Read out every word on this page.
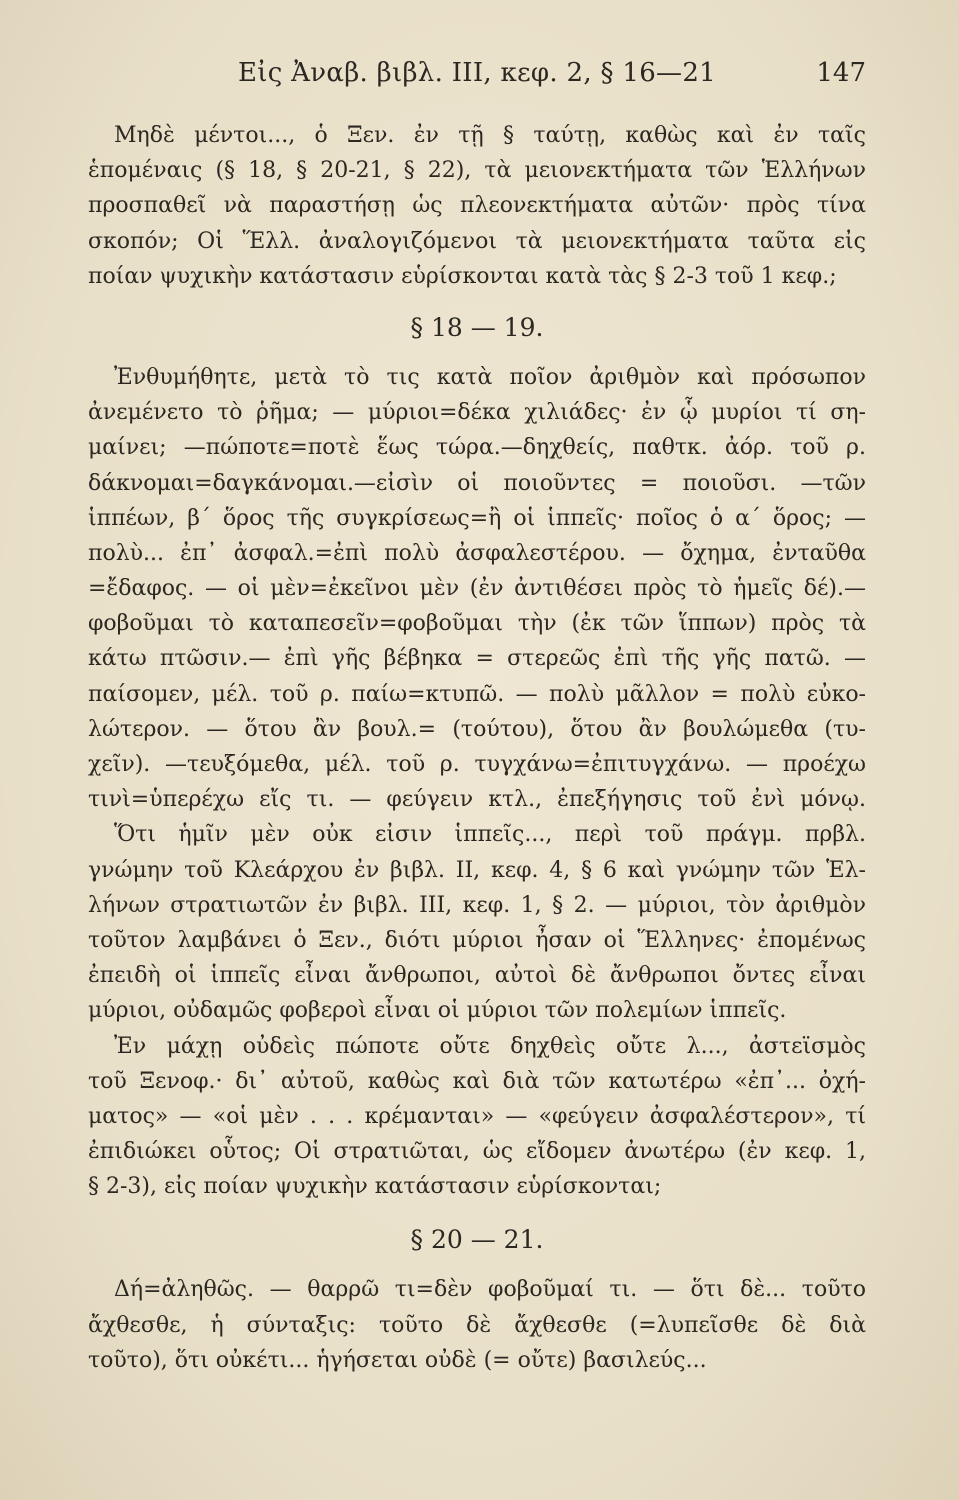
Εἰς Ἀναβ. βιβλ. ΙΙΙ, κεφ. 2, § 16—21	147
Μηδὲ μέντοι..., ὁ Ξεν. ἐν τῇ § ταύτῃ, καθὼς καὶ ἐν ταῖς
ἑπομέναις (§ 18, § 20-21, § 22), τὰ μειονεκτήματα τῶν Ἑλλήνων
προσπαθεῖ νὰ παραστήσῃ ὡς πλεονεκτήματα αὐτῶν· πρὸς τίνα
σκοπόν; Οἱ Ἕλλ. ἀναλογιζόμενοι τὰ μειονεκτήματα ταῦτα εἰς
ποίαν ψυχικὴν κατάστασιν εὑρίσκονται κατὰ τὰς § 2-3 τοῦ 1 κεφ.;
§ 18 — 19.
Ἐνθυμήθητε, μετὰ τὸ τις κατὰ ποῖον ἀριθμὸν καὶ πρόσωπον
ἀνεμένετο τὸ ῥῆμα; — μύριοι=δέκα χιλιάδες· ἐν ᾧ μυρίοι τί ση-
μαίνει; —πώποτε=ποτὲ ἕως τώρα.—δηχθείς, παθτκ. ἀόρ. τοῦ ρ.
δάκνομαι=δαγκάνομαι.—εἰσὶν οἱ ποιοῦντες = ποιοῦσι. —τῶν
ἱππέων, β΄ ὅρος τῆς συγκρίσεως=ἢ οἱ ἱππεῖς· ποῖος ὁ α΄ ὅρος; —
πολὺ... ἐπ᾽ ἀσφαλ.=ἐπὶ πολὺ ἀσφαλεστέρου. — ὄχημα, ἐνταῦθα
=ἔδαφος. — οἱ μὲν=ἐκεῖνοι μὲν (ἐν ἀντιθέσει πρὸς τὸ ἡμεῖς δέ).—
φοβοῦμαι τὸ καταπεσεῖν=φοβοῦμαι τὴν (ἐκ τῶν ἵππων) πρὸς τὰ
κάτω πτῶσιν.— ἐπὶ γῆς βέβηκα = στερεῶς ἐπὶ τῆς γῆς πατῶ. —
παίσομεν, μέλ. τοῦ ρ. παίω=κτυπῶ. — πολὺ μᾶλλον = πολὺ εὐκο-
λώτερον. — ὅτου ἂν βουλ.= (τούτου), ὅτου ἂν βουλώμεθα (τυ-
χεῖν). —τευξόμεθα, μέλ. τοῦ ρ. τυγχάνω=ἐπιτυγχάνω. — προέχω
τινὶ=ὑπερέχω εἴς τι. — φεύγειν κτλ., ἐπεξήγησις τοῦ ἐνὶ μόνῳ.
Ὅτι ἡμῖν μὲν οὐκ εἰσιν ἱππεῖς..., περὶ τοῦ πράγμ. πρβλ.
γνώμην τοῦ Κλεάρχου ἐν βιβλ. II, κεφ. 4, § 6 καὶ γνώμην τῶν Ἑλ-
λήνων στρατιωτῶν ἐν βιβλ. III, κεφ. 1, § 2. — μύριοι, τὸν ἀριθμὸν
τοῦτον λαμβάνει ὁ Ξεν., διότι μύριοι ἦσαν οἱ Ἕλληνες· ἐπομένως
ἐπειδὴ οἱ ἱππεῖς εἶναι ἄνθρωποι, αὐτοὶ δὲ ἄνθρωποι ὄντες εἶναι
μύριοι, οὐδαμῶς φοβεροὶ εἶναι οἱ μύριοι τῶν πολεμίων ἱππεῖς.
Ἐν μάχῃ οὐδεὶς πώποτε οὔτε δηχθεὶς οὔτε λ..., ἀστεϊσμὸς
τοῦ Ξενοφ.· δι᾽ αὐτοῦ, καθὼς καὶ διὰ τῶν κατωτέρω «ἐπ᾽... ὀχή-
ματος» — «οἱ μὲν . . . κρέμανται» — «φεύγειν ἀσφαλέστερον», τί
ἐπιδιώκει οὗτος; Οἱ στρατιῶται, ὡς εἴδομεν ἀνωτέρω (ἐν κεφ. 1,
§ 2-3), εἰς ποίαν ψυχικὴν κατάστασιν εὑρίσκονται;
§ 20 — 21.
Δή=ἀληθῶς. — θαρρῶ τι=δὲν φοβοῦμαί τι. — ὅτι δὲ... τοῦτο
ἄχθεσθε, ἡ σύνταξις: τοῦτο δὲ ἄχθεσθε (=λυπεῖσθε δὲ διὰ
τοῦτο), ὅτι οὐκέτι... ἡγήσεται οὐδὲ (= οὔτε) βασιλεύς...
